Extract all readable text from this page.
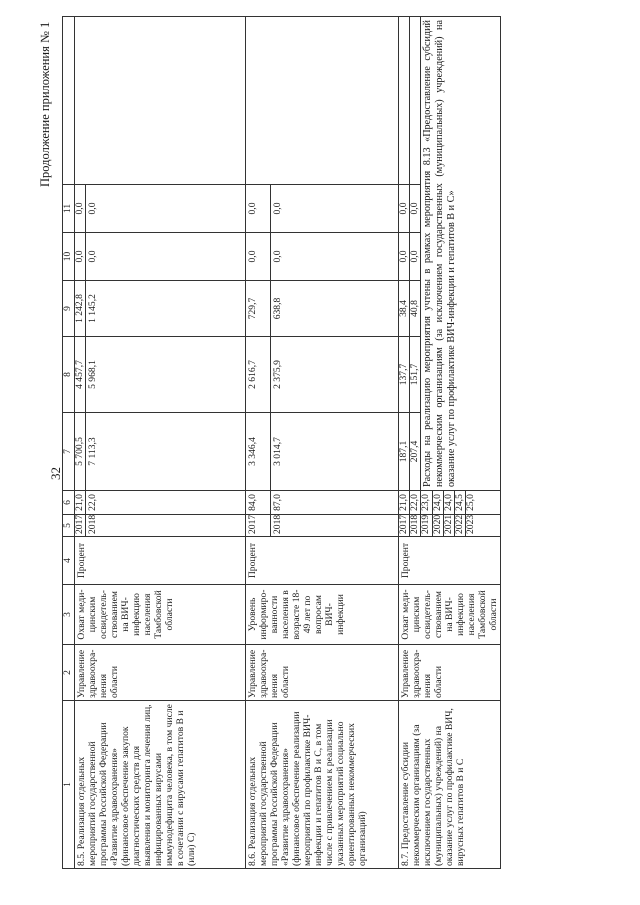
32
Продолжение приложения № 1
1	2	3	4	5	6	7	8	9	10	11	
8.5. Реализация отдельных мероприятий государственной программы Российской Федерации «Развитие здравоохранения» (финансовое обеспечение закупок диагностических средств для выявления и мониторинга лечения лиц, инфицированных вирусами иммунодефицита человека, в том числе в сочетании с вирусами гепатитов В и (или) С)	Управление здравоохра-нения области	Охват меди-цинским освидетель-ствованием на ВИЧ-инфекцию населения Тамбовской области	Процент	2017	21,0	5 700,5	4 457,7	1 242,8	0,0	0,0	
				2018	22,0	7 113,3	5 968,1	1 145,2	0,0	0,0	
8.6. Реализация отдельных мероприятий государственной программы Российской Федерации «Развитие здравоохранения» (финансовое обеспечение реализации мероприятий по профилактике ВИЧ-инфекции и гепатитов В и С, в том числе с привлечением к реализации указанных мероприятий социально ориентированных некоммерческих организаций)	Управление здравоохра-нения области	Уровень информиро-ванности населения в возрасте 18-49 лет по вопросам ВИЧ-инфекции	Процент	2017	84,0	3 346,4	2 616,7	729,7	0,0	0,0	
				2018	87,0	3 014,7	2 375,9	638,8	0,0	0,0	
8.7. Предоставление субсидии некоммерческим организациям (за исключением государственных (муниципальных) учреждений) на оказание услуг по профилактике ВИЧ, вирусных гепатитов В и С	Управление здравоохра-нения области	Охват меди-цинским освидетель-ствованием на ВИЧ-инфекцию населения Тамбовской области	Процент	2017	21,0	187,1	137,7	38,4	0,0	0,0	
				2018	22,0	207,4	151,7	40,8	0,0	0,0	
				2019	23,0	Расходы на реализацию мероприятия учтены в рамках мероприятия 8.13 «Предоставление субсидий некоммерческим организациям (за исключением государственных (муниципальных) учреждений) на оказание услуг по профилактике ВИЧ-инфекции и гепатитов В и С»					
				2020	24,0						
				2021	24,0						
				2022	24,5						
				2023	25,0						
